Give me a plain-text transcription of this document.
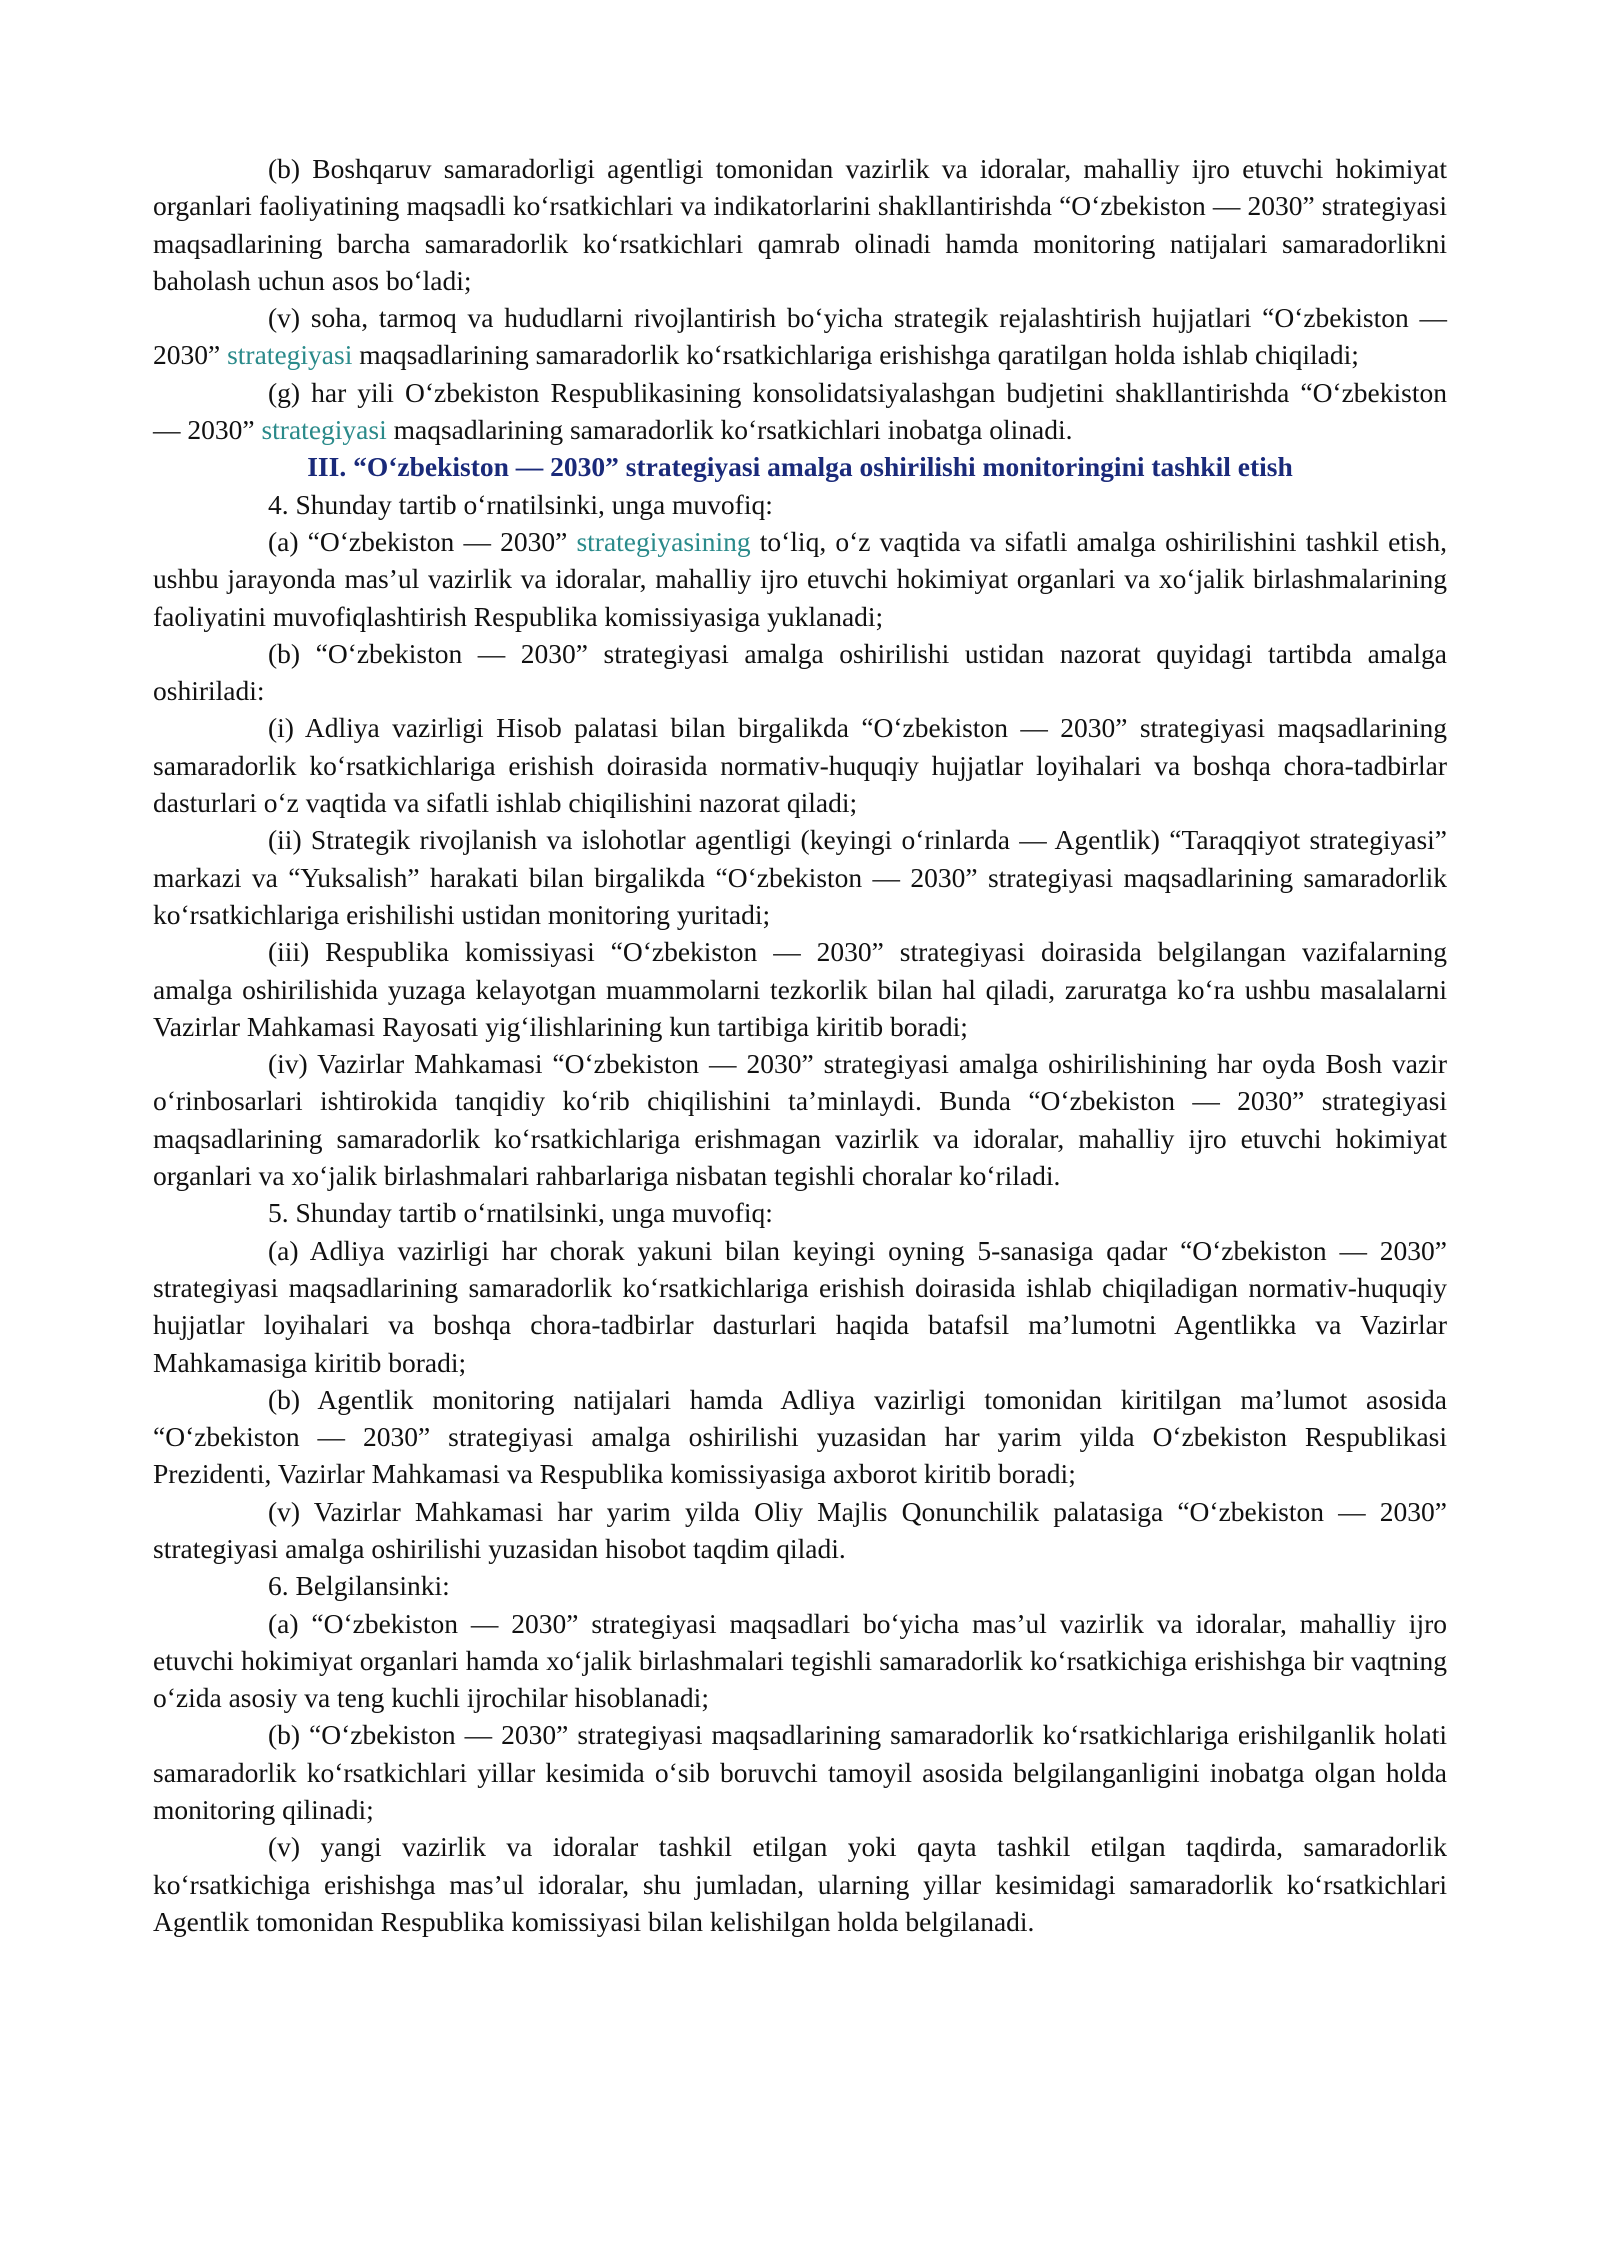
(b) Boshqaruv samaradorligi agentligi tomonidan vazirlik va idoralar, mahalliy ijro etuvchi hokimiyat organlari faoliyatining maqsadli ko‘rsatkichlari va indikatorlarini shakllantirishda “O‘zbekiston — 2030” strategiyasi maqsadlarining barcha samaradorlik ko‘rsatkichlari qamrab olinadi hamda monitoring natijalari samaradorlikni baholash uchun asos bo‘ladi;

(v) soha, tarmoq va hududlarni rivojlantirish bo‘yicha strategik rejalashtirish hujjatlari “O‘zbekiston — 2030” strategiyasi maqsadlarining samaradorlik ko‘rsatkichlariga erishishga qaratilgan holda ishlab chiqiladi;

(g) har yili O‘zbekiston Respublikasining konsolidatsiyalashgan budjetini shakllantirishda “O‘zbekiston — 2030” strategiyasi maqsadlarining samaradorlik ko‘rsatkichlari inobatga olinadi.

III. “O‘zbekiston — 2030” strategiyasi amalga oshirilishi monitoringini tashkil etish

4. Shunday tartib o‘rnatilsinki, unga muvofiq:

(a) “O‘zbekiston — 2030” strategiyasining to‘liq, o‘z vaqtida va sifatli amalga oshirilishini tashkil etish, ushbu jarayonda mas’ul vazirlik va idoralar, mahalliy ijro etuvchi hokimiyat organlari va xo‘jalik birlashmalarining faoliyatini muvofiqlashtirish Respublika komissiyasiga yuklanadi;

(b) “O‘zbekiston — 2030” strategiyasi amalga oshirilishi ustidan nazorat quyidagi tartibda amalga oshiriladi:

(i) Adliya vazirligi Hisob palatasi bilan birgalikda “O‘zbekiston — 2030” strategiyasi maqsadlarining samaradorlik ko‘rsatkichlariga erishish doirasida normativ-huquqiy hujjatlar loyihalari va boshqa chora-tadbirlar dasturlari o‘z vaqtida va sifatli ishlab chiqilishini nazorat qiladi;

(ii) Strategik rivojlanish va islohotlar agentligi (keyingi o‘rinlarda — Agentlik) “Taraqqiyot strategiyasi” markazi va “Yuksalish” harakati bilan birgalikda “O‘zbekiston — 2030” strategiyasi maqsadlarining samaradorlik ko‘rsatkichlariga erishilishi ustidan monitoring yuritadi;

(iii) Respublika komissiyasi “O‘zbekiston — 2030” strategiyasi doirasida belgilangan vazifalarning amalga oshirilishida yuzaga kelayotgan muammolarni tezkorlik bilan hal qiladi, zaruratga ko‘ra ushbu masalalarni Vazirlar Mahkamasi Rayosati yig‘ilishlarining kun tartibiga kiritib boradi;

(iv) Vazirlar Mahkamasi “O‘zbekiston — 2030” strategiyasi amalga oshirilishining har oyda Bosh vazir o‘rinbosarlari ishtirokida tanqidiy ko‘rib chiqilishini ta’minlaydi. Bunda “O‘zbekiston — 2030” strategiyasi maqsadlarining samaradorlik ko‘rsatkichlariga erishmagan vazirlik va idoralar, mahalliy ijro etuvchi hokimiyat organlari va xo‘jalik birlashmalari rahbarlariga nisbatan tegishli choralar ko‘riladi.

5. Shunday tartib o‘rnatilsinki, unga muvofiq:

(a) Adliya vazirligi har chorak yakuni bilan keyingi oyning 5-sanasiga qadar “O‘zbekiston — 2030” strategiyasi maqsadlarining samaradorlik ko‘rsatkichlariga erishish doirasida ishlab chiqiladigan normativ-huquqiy hujjatlar loyihalari va boshqa chora-tadbirlar dasturlari haqida batafsil ma’lumotni Agentlikka va Vazirlar Mahkamasiga kiritib boradi;

(b) Agentlik monitoring natijalari hamda Adliya vazirligi tomonidan kiritilgan ma’lumot asosida “O‘zbekiston — 2030” strategiyasi amalga oshirilishi yuzasidan har yarim yilda O‘zbekiston Respublikasi Prezidenti, Vazirlar Mahkamasi va Respublika komissiyasiga axborot kiritib boradi;

(v) Vazirlar Mahkamasi har yarim yilda Oliy Majlis Qonunchilik palatasiga “O‘zbekiston — 2030” strategiyasi amalga oshirilishi yuzasidan hisobot taqdim qiladi.

6. Belgilansinki:

(a) “O‘zbekiston — 2030” strategiyasi maqsadlari bo‘yicha mas’ul vazirlik va idoralar, mahalliy ijro etuvchi hokimiyat organlari hamda xo‘jalik birlashmalari tegishli samaradorlik ko‘rsatkichiga erishishga bir vaqtning o‘zida asosiy va teng kuchli ijrochilar hisoblanadi;

(b) “O‘zbekiston — 2030” strategiyasi maqsadlarining samaradorlik ko‘rsatkichlariga erishilganlik holati samaradorlik ko‘rsatkichlari yillar kesimida o‘sib boruvchi tamoyil asosida belgilanganligini inobatga olgan holda monitoring qilinadi;

(v) yangi vazirlik va idoralar tashkil etilgan yoki qayta tashkil etilgan taqdirda, samaradorlik ko‘rsatkichiga erishishga mas’ul idoralar, shu jumladan, ularning yillar kesimidagi samaradorlik ko‘rsatkichlari Agentlik tomonidan Respublika komissiyasi bilan kelishilgan holda belgilanadi.
